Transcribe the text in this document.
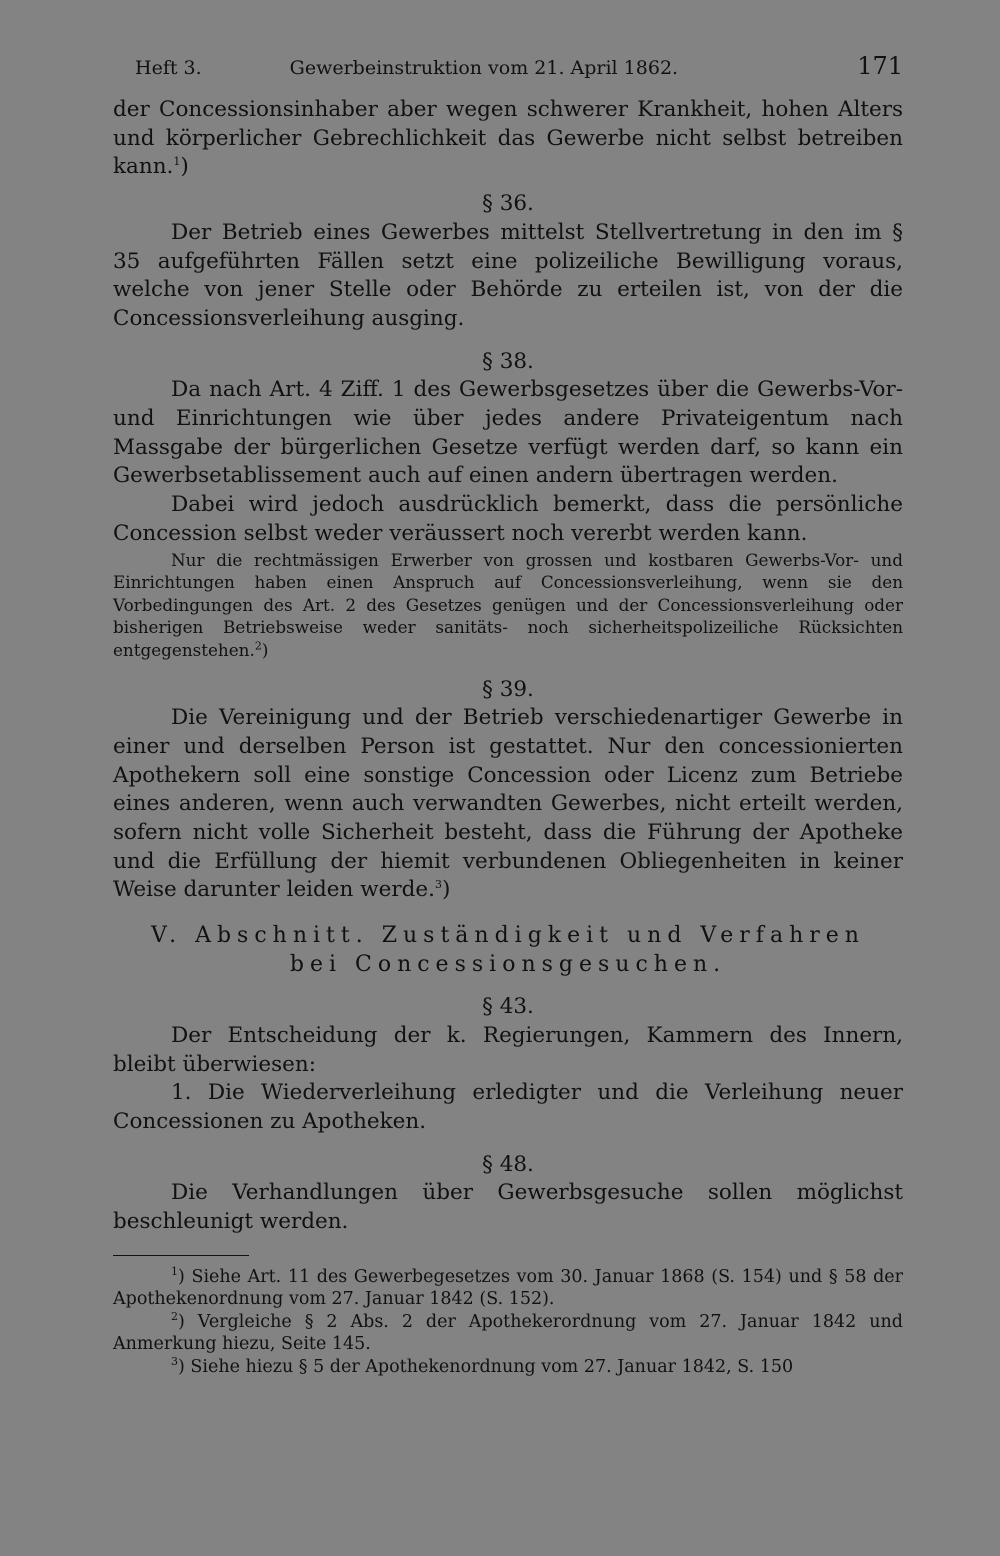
Heft 3.	Gewerbeinstruktion vom 21. April 1862.	171

der Concessionsinhaber aber wegen schwerer Krankheit, hohen Alters und körperlicher Gebrechlichkeit das Gewerbe nicht selbst betreiben kann.$^1$)

§ 36.

Der Betrieb eines Gewerbes mittelst Stellvertretung in den im § 35 aufgeführten Fällen setzt eine polizeiliche Bewilligung voraus, welche von jener Stelle oder Behörde zu erteilen ist, von der die Concessionsverleihung ausging.

§ 38.

Da nach Art. 4 Ziff. 1 des Gewerbsgesetzes über die Gewerbs-Vor- und Einrichtungen wie über jedes andere Privateigentum nach Massgabe der bürgerlichen Gesetze verfügt werden darf, so kann ein Gewerbsetablissement auch auf einen andern übertragen werden.

Dabei wird jedoch ausdrücklich bemerkt, dass die persönliche Concession selbst weder veräussert noch vererbt werden kann.

Nur die rechtmässigen Erwerber von grossen und kostbaren Gewerbs-Vor- und Einrichtungen haben einen Anspruch auf Concessionsverleihung, wenn sie den Vorbedingungen des Art. 2 des Gesetzes genügen und der Concessionsverleihung oder bisherigen Betriebsweise weder sanitäts- noch sicherheitspolizeiliche Rücksichten entgegenstehen.$^2$)

§ 39.

Die Vereinigung und der Betrieb verschiedenartiger Gewerbe in einer und derselben Person ist gestattet. Nur den concessionierten Apothekern soll eine sonstige Concession oder Licenz zum Betriebe eines anderen, wenn auch verwandten Gewerbes, nicht erteilt werden, sofern nicht volle Sicherheit besteht, dass die Führung der Apotheke und die Erfüllung der hiemit verbundenen Obliegenheiten in keiner Weise darunter leiden werde.$^3$)

V. Abschnitt. Zuständigkeit und Verfahren
bei Concessionsgesuchen.
§ 43.

Der Entscheidung der k. Regierungen, Kammern des Innern, bleibt überwiesen:

1. Die Wiederverleihung erledigter und die Verleihung neuer Concessionen zu Apotheken.

§ 48.

Die Verhandlungen über Gewerbsgesuche sollen möglichst beschleunigt werden.

$^1$) Siehe Art. 11 des Gewerbegesetzes vom 30. Januar 1868 (S. 154) und § 58 der Apothekenordnung vom 27. Januar 1842 (S. 152).

$^2$) Vergleiche § 2 Abs. 2 der Apothekerordnung vom 27. Januar 1842 und Anmerkung hiezu, Seite 145.

$^3$) Siehe hiezu § 5 der Apothekenordnung vom 27. Januar 1842, S. 150
